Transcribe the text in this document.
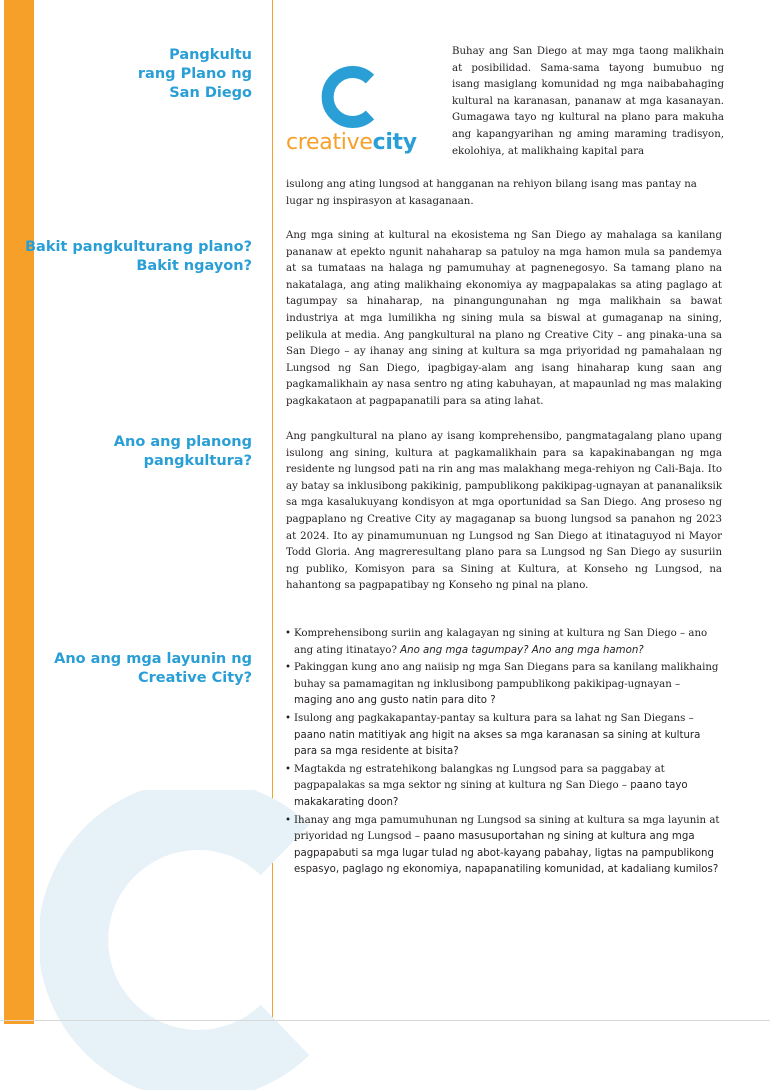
Pangkultu
rang Plano ng
San Diego
Bakit pangkulturang plano?
Bakit ngayon?
Ano ang planong
pangkultura?
Ano ang mga layunin ng
Creative City?
creativecity

Buhay ang San Diego at may mga taong malikhain at posibilidad. Sama-sama tayong bumubuo ng isang masiglang komunidad ng mga naibabahaging kultural na karanasan, pananaw at mga kasanayan. Gumagawa tayo ng kultural na plano para makuha ang kapangyarihan ng aming maraming tradisyon, ekolohiya, at malikhaing kapital para

isulong ang ating lungsod at hangganan na rehiyon bilang isang mas pantay na lugar ng inspirasyon at kasaganaan.

Ang mga sining at kultural na ekosistema ng San Diego ay mahalaga sa kanilang pananaw at epekto ngunit nahaharap sa patuloy na mga hamon mula sa pandemya at sa tumataas na halaga ng pamumuhay at pagnenegosyo. Sa tamang plano na nakatalaga, ang ating malikhaing ekonomiya ay magpapalakas sa ating paglago at tagumpay sa hinaharap, na pinangungunahan ng mga malikhain sa bawat industriya at mga lumilikha ng sining mula sa biswal at gumaganap na sining, pelikula at media. Ang pangkultural na plano ng Creative City – ang pinaka-una sa San Diego – ay ihanay ang sining at kultura sa mga priyoridad ng pamahalaan ng Lungsod ng San Diego, ipagbigay-alam ang isang hinaharap kung saan ang pagkamalikhain ay nasa sentro ng ating kabuhayan, at mapaunlad ng mas malaking pagkakataon at pagpapanatili para sa ating lahat.

Ang pangkultural na plano ay isang komprehensibo, pangmatagalang plano upang isulong ang sining, kultura at pagkamalikhain para sa kapakinabangan ng mga residente ng lungsod pati na rin ang mas malakhang mega-rehiyon ng Cali-Baja. Ito ay batay sa inklusibong pakikinig, pampublikong pakikipag-ugnayan at pananaliksik sa mga kasalukuyang kondisyon at mga oportunidad sa San Diego. Ang proseso ng pagpaplano ng Creative City ay magaganap sa buong lungsod sa panahon ng 2023 at 2024. Ito ay pinamumunuan ng Lungsod ng San Diego at itinataguyod ni Mayor Todd Gloria. Ang magreresultang plano para sa Lungsod ng San Diego ay susuriin ng publiko, Komisyon para sa Sining at Kultura, at Konseho ng Lungsod, na hahantong sa pagpapatibay ng Konseho ng pinal na plano.

• Komprehensibong suriin ang kalagayan ng sining at kultura ng San Diego – ano ang ating itinatayo? Ano ang mga tagumpay? Ano ang mga hamon?
• Pakinggan kung ano ang naiisip ng mga San Diegans para sa kanilang malikhaing buhay sa pamamagitan ng inklusibong pampublikong pakikipag-ugnayan – maging ano ang gusto natin para dito ?
• Isulong ang pagkakapantay-pantay sa kultura para sa lahat ng San Diegans – paano natin matitiyak ang higit na akses sa mga karanasan sa sining at kultura para sa mga residente at bisita?
• Magtakda ng estratehikong balangkas ng Lungsod para sa paggabay at pagpapalakas sa mga sektor ng sining at kultura ng San Diego – paano tayo makakarating doon?
• Ihanay ang mga pamumuhunan ng Lungsod sa sining at kultura sa mga layunin at priyoridad ng Lungsod – paano masusuportahan ng sining at kultura ang mga pagpapabuti sa mga lugar tulad ng abot-kayang pabahay, ligtas na pampublikong espasyo, paglago ng ekonomiya, napapanatiling komunidad, at kadaliang kumilos?
